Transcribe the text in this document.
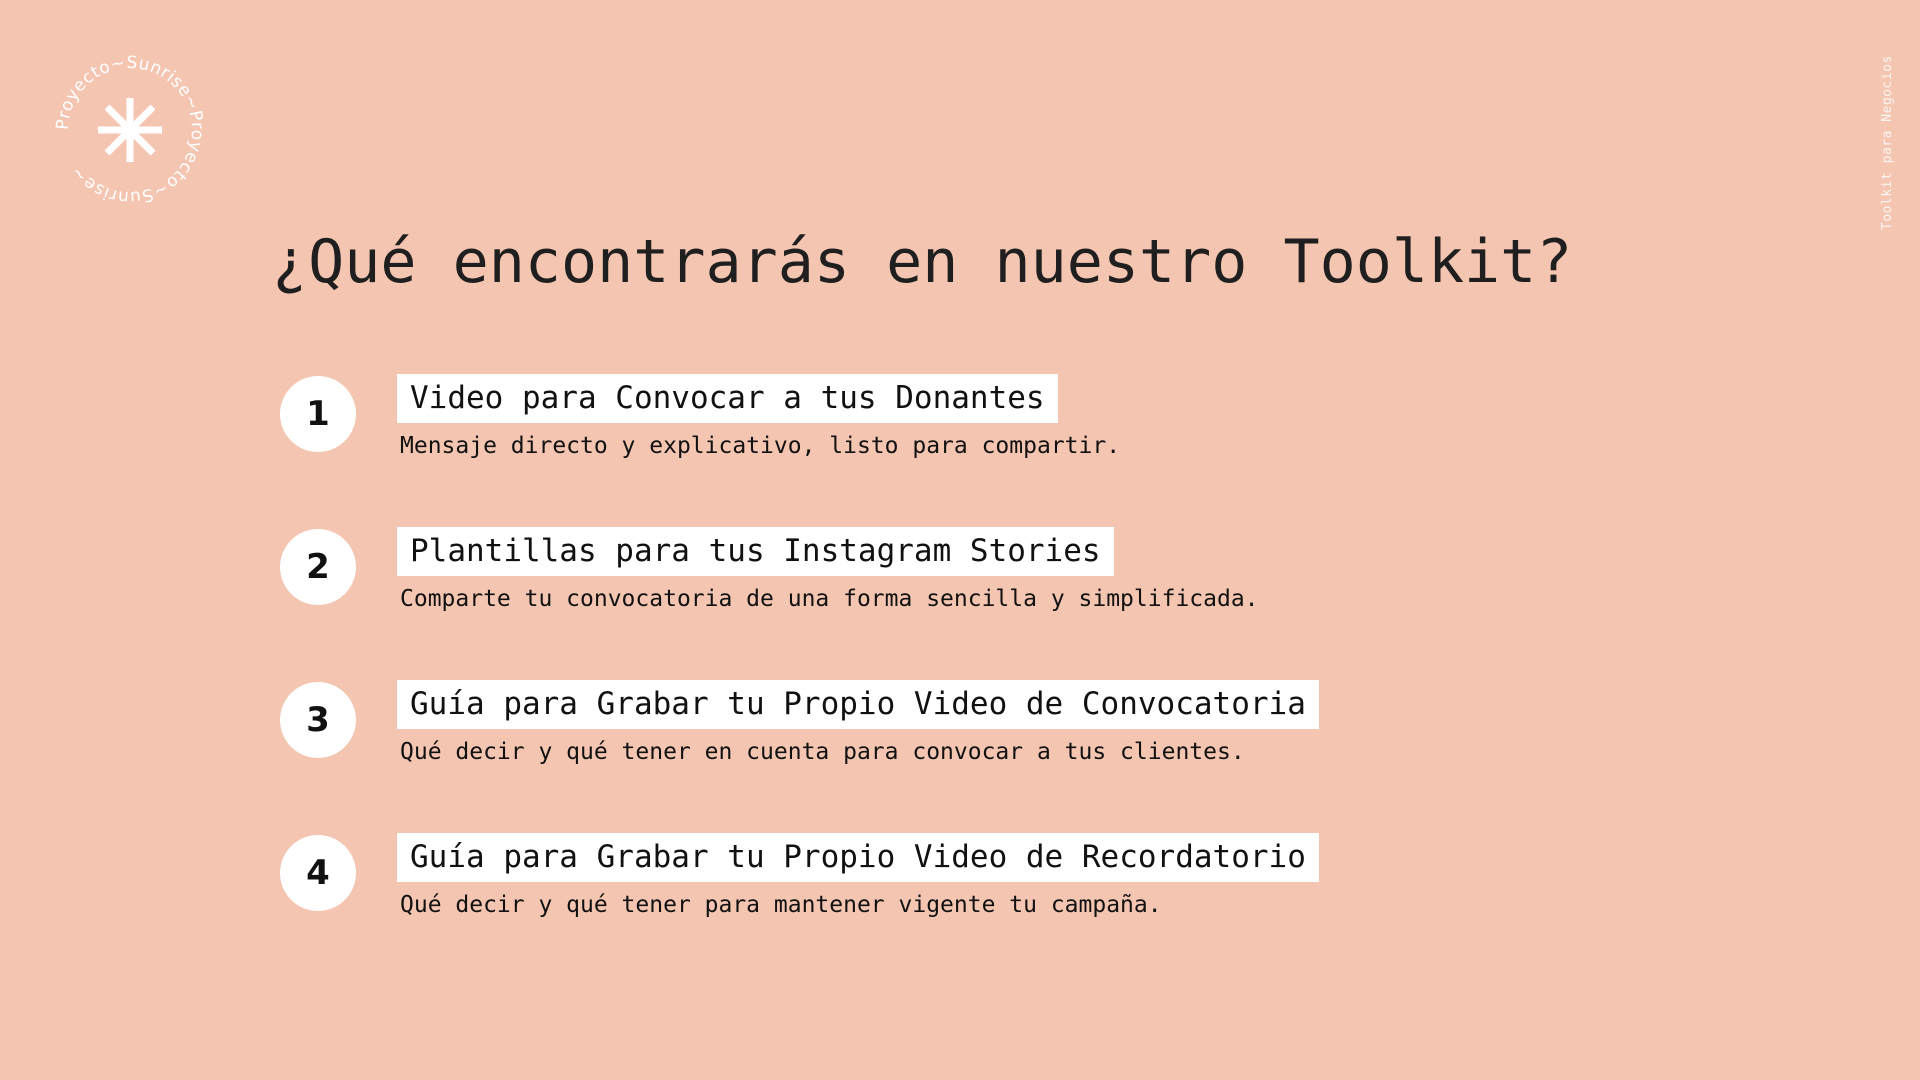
Proyecto~Sunrise~Proyecto~Sunrise~	Toolkit para Negocios
¿Qué encontrarás en nuestro Toolkit?
1	Video para Convocar a tus Donantes
Mensaje directo y explicativo, listo para compartir.
2	Plantillas para tus Instagram Stories
Comparte tu convocatoria de una forma sencilla y simplificada.
3	Guía para Grabar tu Propio Video de Convocatoria
Qué decir y qué tener en cuenta para convocar a tus clientes.
4	Guía para Grabar tu Propio Video de Recordatorio
Qué decir y qué tener para mantener vigente tu campaña.
